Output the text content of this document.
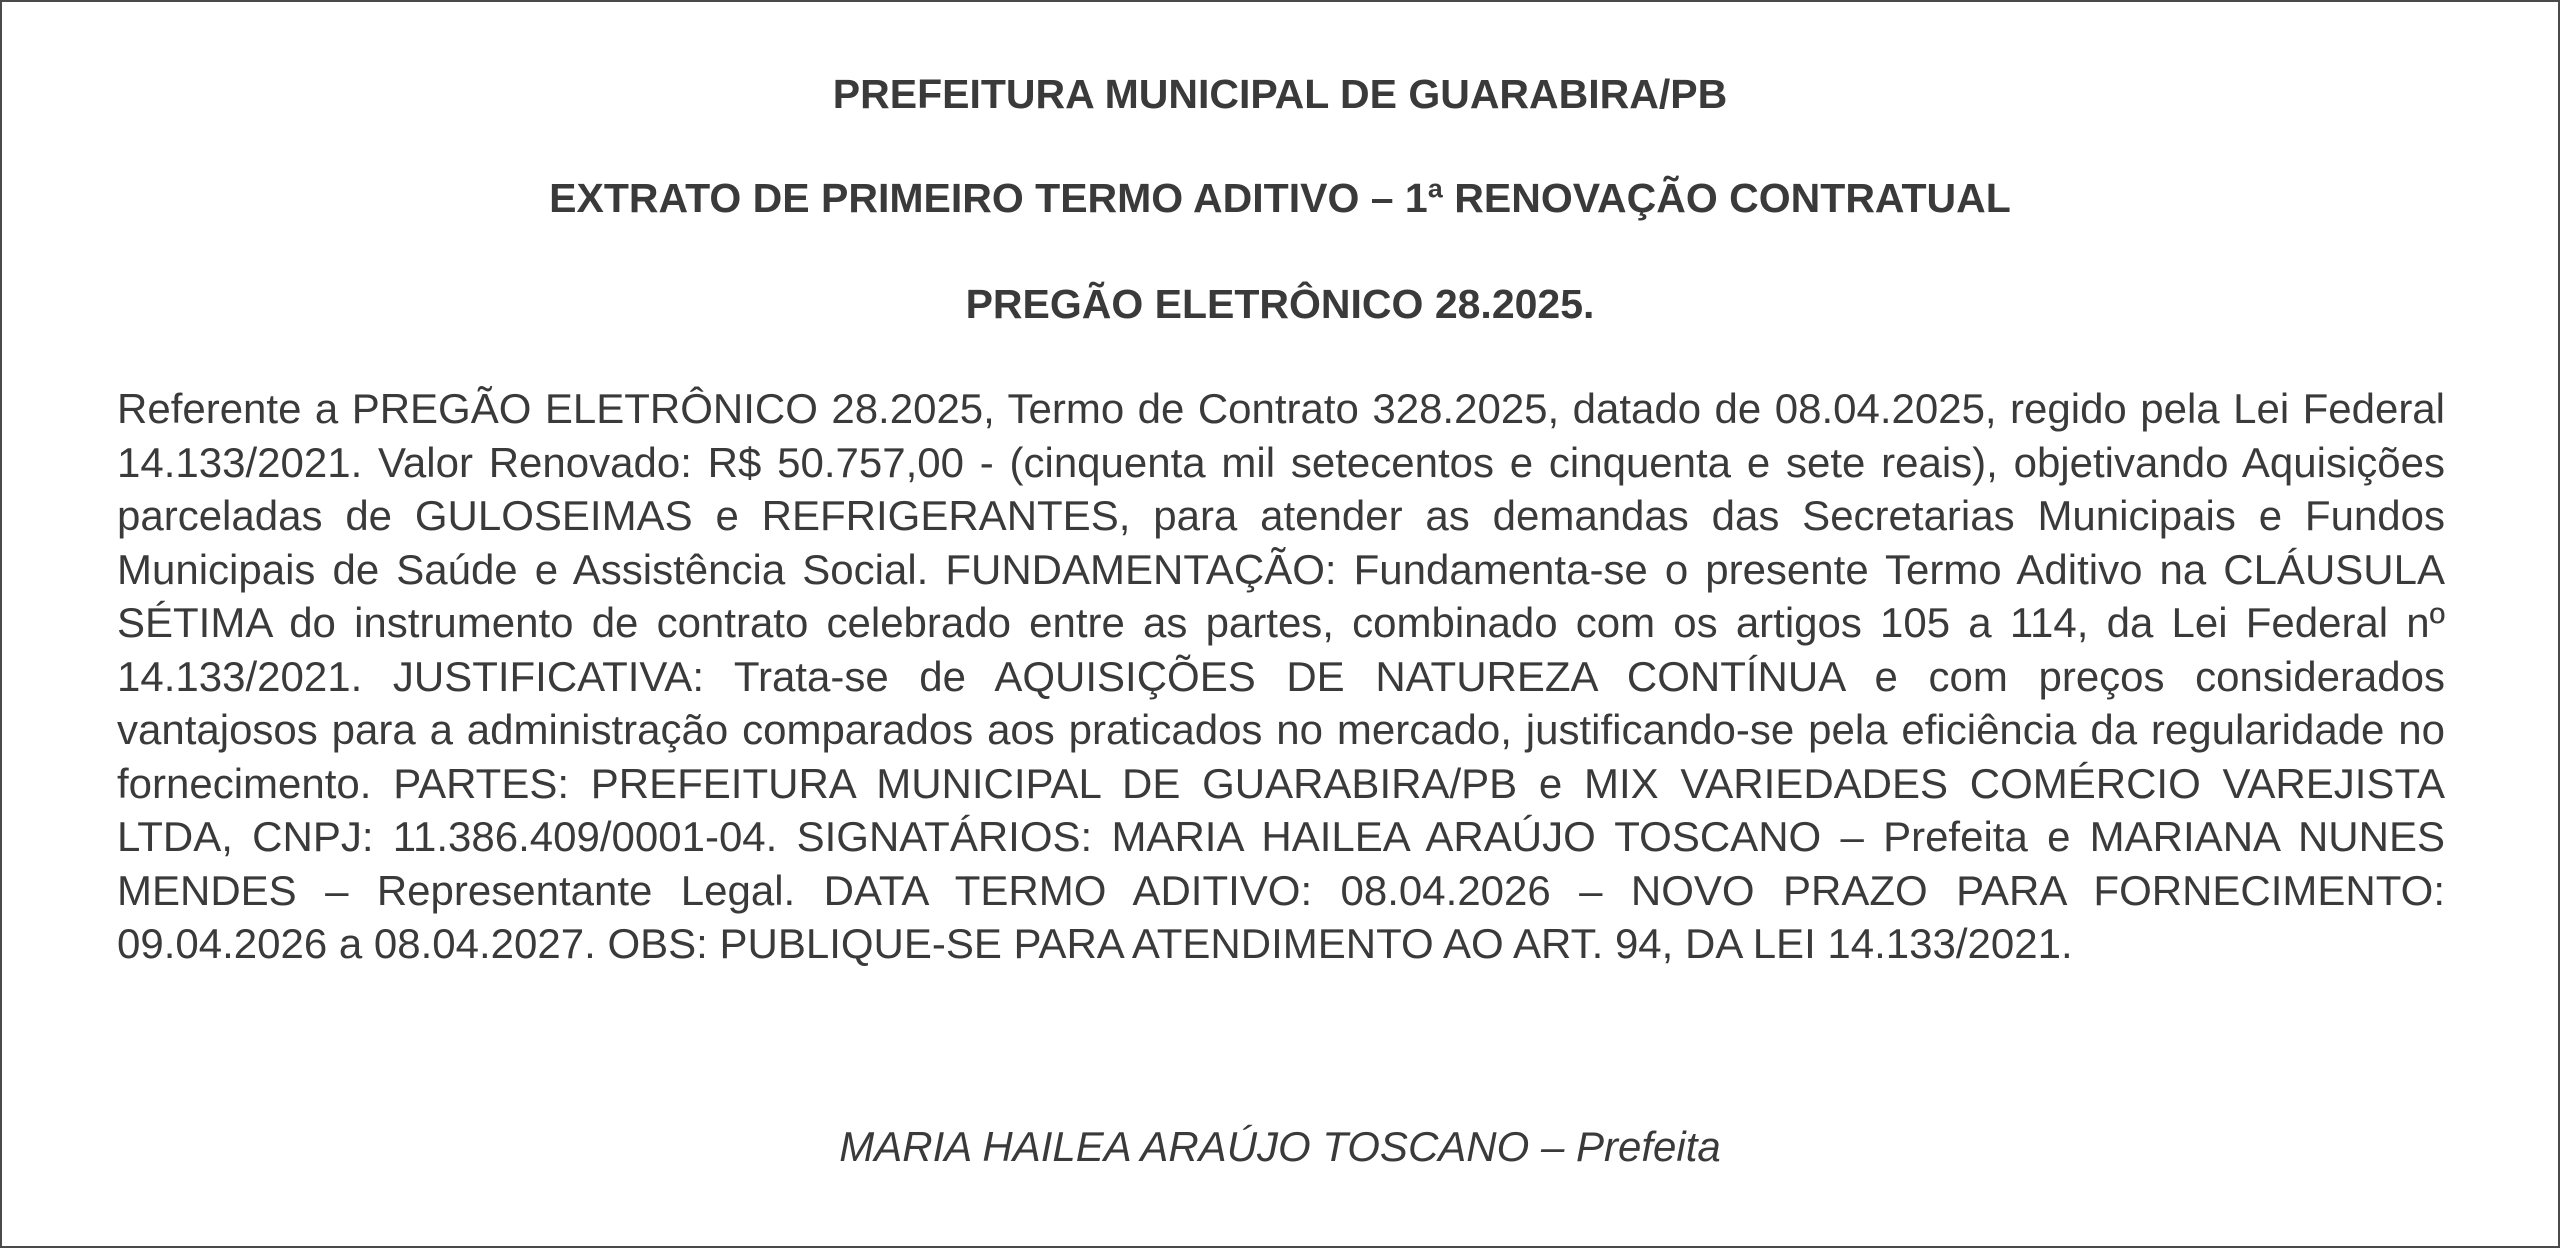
PREFEITURA MUNICIPAL DE GUARABIRA/PB
EXTRATO DE PRIMEIRO TERMO ADITIVO – 1ª RENOVAÇÃO CONTRATUAL
PREGÃO ELETRÔNICO 28.2025.

Referente a PREGÃO ELETRÔNICO 28.2025, Termo de Contrato 328.2025, datado de 08.04.2025, regido pela Lei Federal 14.133/2021. Valor Renovado: R$ 50.757,00 - (cinquenta mil setecentos e cinquenta e sete reais), objetivando Aquisições parceladas de GULOSEIMAS e REFRIGERANTES, para atender as demandas das Secretarias Municipais e Fundos Municipais de Saúde e Assistência Social. FUNDAMENTAÇÃO: Fundamenta-se o presente Termo Aditivo na CLÁUSULA SÉTIMA do instrumento de contrato celebrado entre as partes, combinado com os artigos 105 a 114, da Lei Federal nº 14.133/2021. JUSTIFICATIVA: Trata-se de AQUISIÇÕES DE NATUREZA CONTÍNUA e com preços considerados vantajosos para a administração comparados aos praticados no mercado, justificando-se pela eficiência da regularidade no fornecimento. PARTES: PREFEITURA MUNICIPAL DE GUARABIRA/PB e MIX VARIEDADES COMÉRCIO VAREJISTA LTDA, CNPJ: 11.386.409/0001-04. SIGNATÁRIOS: MARIA HAILEA ARAÚJO TOSCANO – Prefeita e MARIANA NUNES MENDES – Representante Legal. DATA TERMO ADITIVO: 08.04.2026 – NOVO PRAZO PARA FORNECIMENTO: 09.04.2026 a 08.04.2027. OBS: PUBLIQUE-SE PARA ATENDIMENTO AO ART. 94, DA LEI 14.133/2021.

MARIA HAILEA ARAÚJO TOSCANO – Prefeita
